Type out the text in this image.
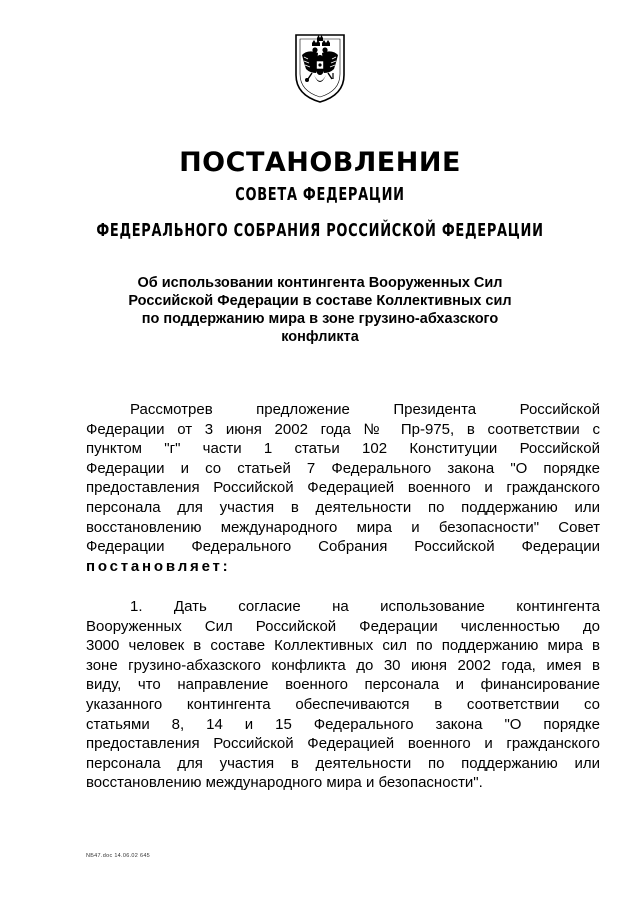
ПОСТАНОВЛЕНИЕ
СОВЕТА ФЕДЕРАЦИИ
ФЕДЕРАЛЬНОГО СОБРАНИЯ РОССИЙСКОЙ ФЕДЕРАЦИИ
Об использовании контингента Вооруженных Сил
Российской Федерации в составе Коллективных сил
по поддержанию мира в зоне грузино-абхазского
конфликта
Рассмотрев предложение Президента Российской
Федерации от 3 июня 2002 года № Пр-975, в соответствии с
пунктом "г" части 1 статьи 102 Конституции Российской
Федерации и со статьей 7 Федерального закона "О порядке
предоставления Российской Федерацией военного и гражданского
персонала для участия в деятельности по поддержанию или
восстановлению международного мира и безопасности" Совет
Федерации Федерального Собрания Российской Федерации
постановляет:
1. Дать согласие на использование контингента
Вооруженных Сил Российской Федерации численностью до
3000 человек в составе Коллективных сил по поддержанию мира в
зоне грузино-абхазского конфликта до 30 июня 2002 года, имея в
виду, что направление военного персонала и финансирование
указанного контингента обеспечиваются в соответствии со
статьями 8, 14 и 15 Федерального закона "О порядке
предоставления Российской Федерацией военного и гражданского
персонала для участия в деятельности по поддержанию или
восстановлению международного мира и безопасности".
NБ47.doc 14.06.02 645
